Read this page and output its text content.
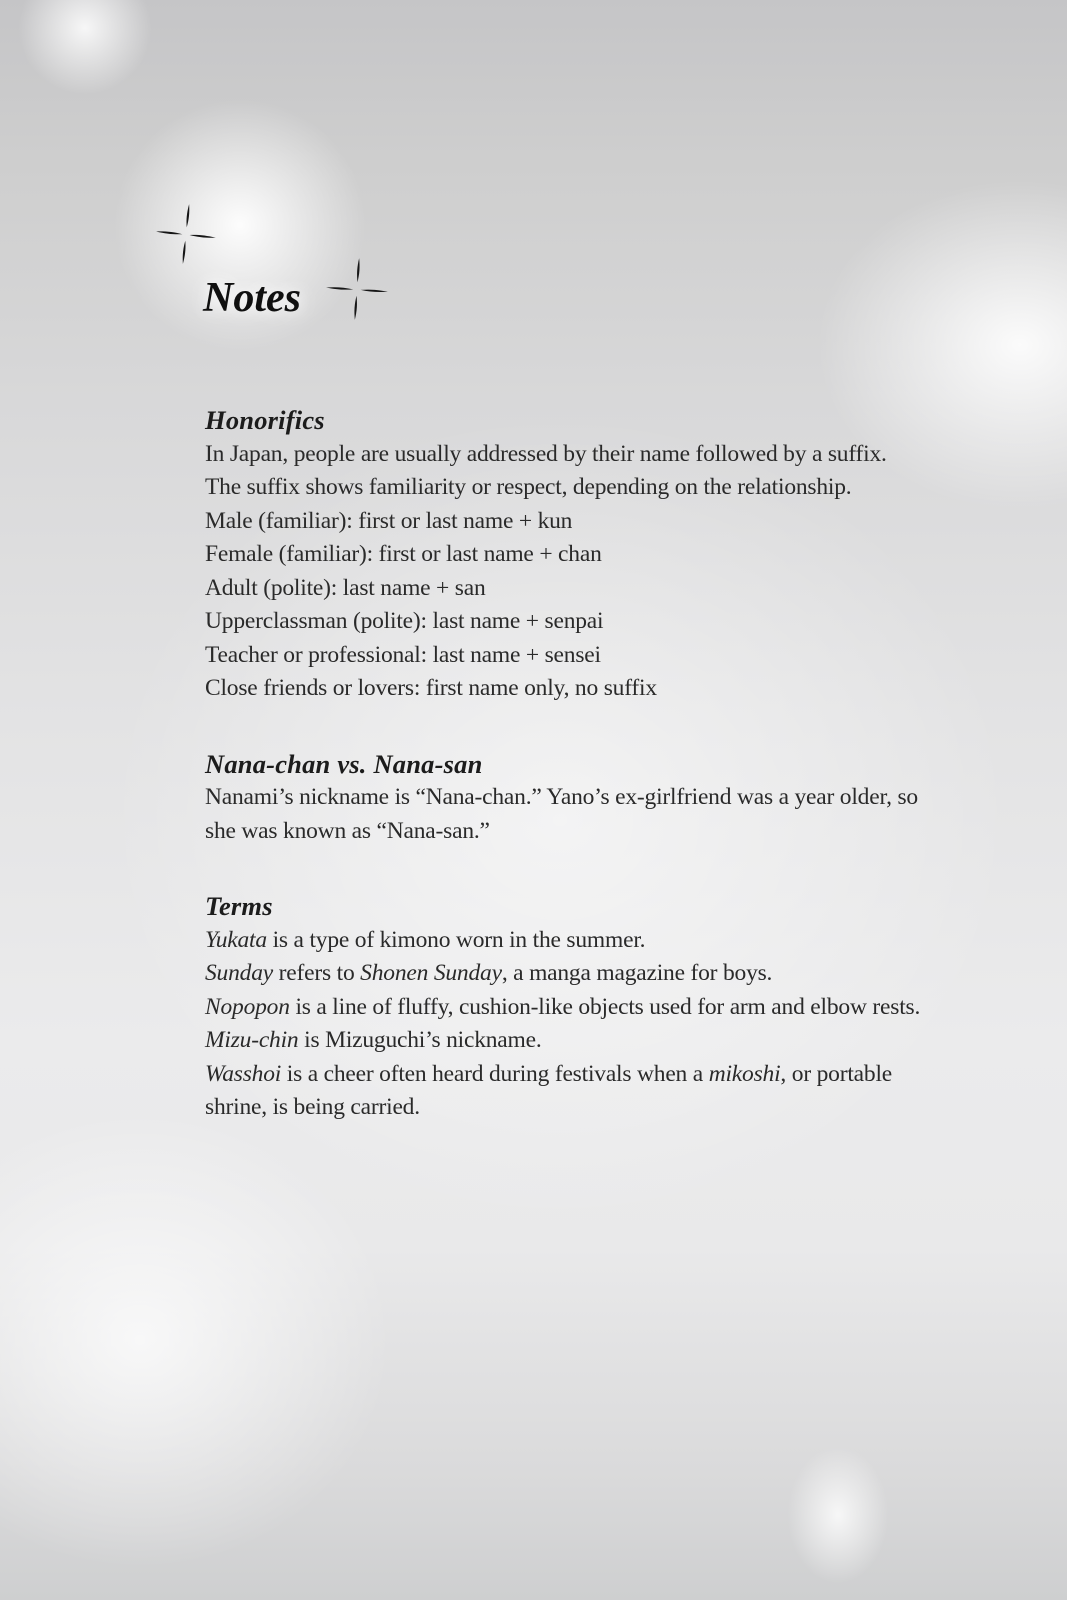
Notes
Honorifics
In Japan, people are usually addressed by their name followed by a suffix.
The suffix shows familiarity or respect, depending on the relationship.
Male (familiar): first or last name + kun
Female (familiar): first or last name + chan
Adult (polite): last name + san
Upperclassman (polite): last name + senpai
Teacher or professional: last name + sensei
Close friends or lovers: first name only, no suffix
Nana-chan vs. Nana-san
Nanami’s nickname is “Nana-chan.” Yano’s ex-girlfriend was a year older, so
she was known as “Nana-san.”
Terms
Yukata is a type of kimono worn in the summer.
Sunday refers to Shonen Sunday, a manga magazine for boys.
Nopopon is a line of fluffy, cushion-like objects used for arm and elbow rests.
Mizu-chin is Mizuguchi’s nickname.
Wasshoi is a cheer often heard during festivals when a mikoshi, or portable
shrine, is being carried.
